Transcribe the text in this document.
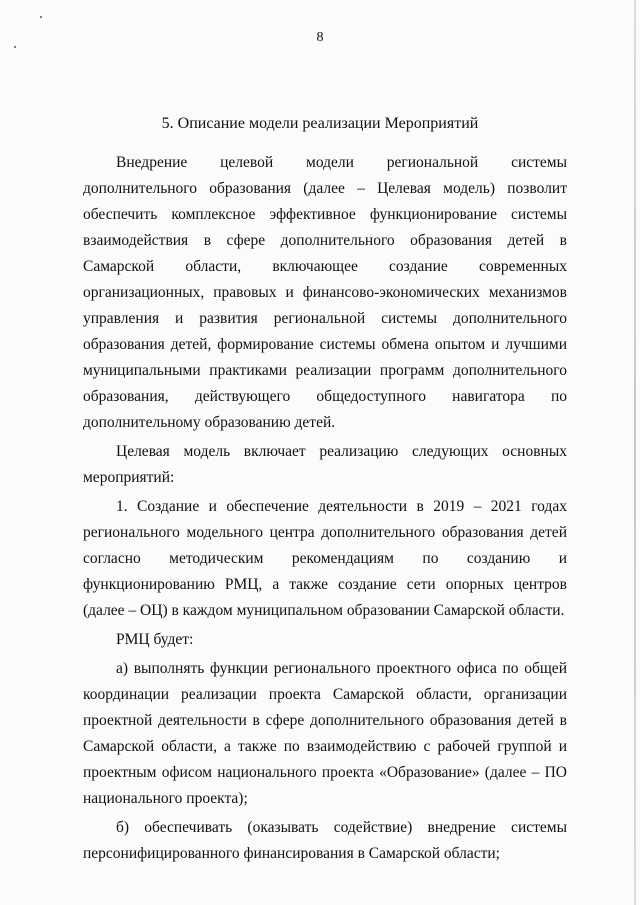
8
5. Описание модели реализации Мероприятий

Внедрение целевой модели региональной системы дополнительного образования (далее – Целевая модель) позволит обеспечить комплексное эффективное функционирование системы взаимодействия в сфере дополнительного образования детей в Самарской области, включающее создание современных организационных, правовых и финансово-экономических механизмов управления и развития региональной системы дополнительного образования детей, формирование системы обмена опытом и лучшими муниципальными практиками реализации программ дополнительного образования, действующего общедоступного навигатора по дополнительному образованию детей.

Целевая модель включает реализацию следующих основных мероприятий:

1. Создание и обеспечение деятельности в 2019 – 2021 годах регионального модельного центра дополнительного образования детей согласно методическим рекомендациям по созданию и функционированию РМЦ, а также создание сети опорных центров (далее – ОЦ) в каждом муниципальном образовании Самарской области.

РМЦ будет:

а) выполнять функции регионального проектного офиса по общей координации реализации проекта Самарской области, организации проектной деятельности в сфере дополнительного образования детей в Самарской области, а также по взаимодействию с рабочей группой и проектным офисом национального проекта «Образование» (далее – ПО национального проекта);

б) обеспечивать (оказывать содействие) внедрение системы персонифицированного финансирования в Самарской области;
